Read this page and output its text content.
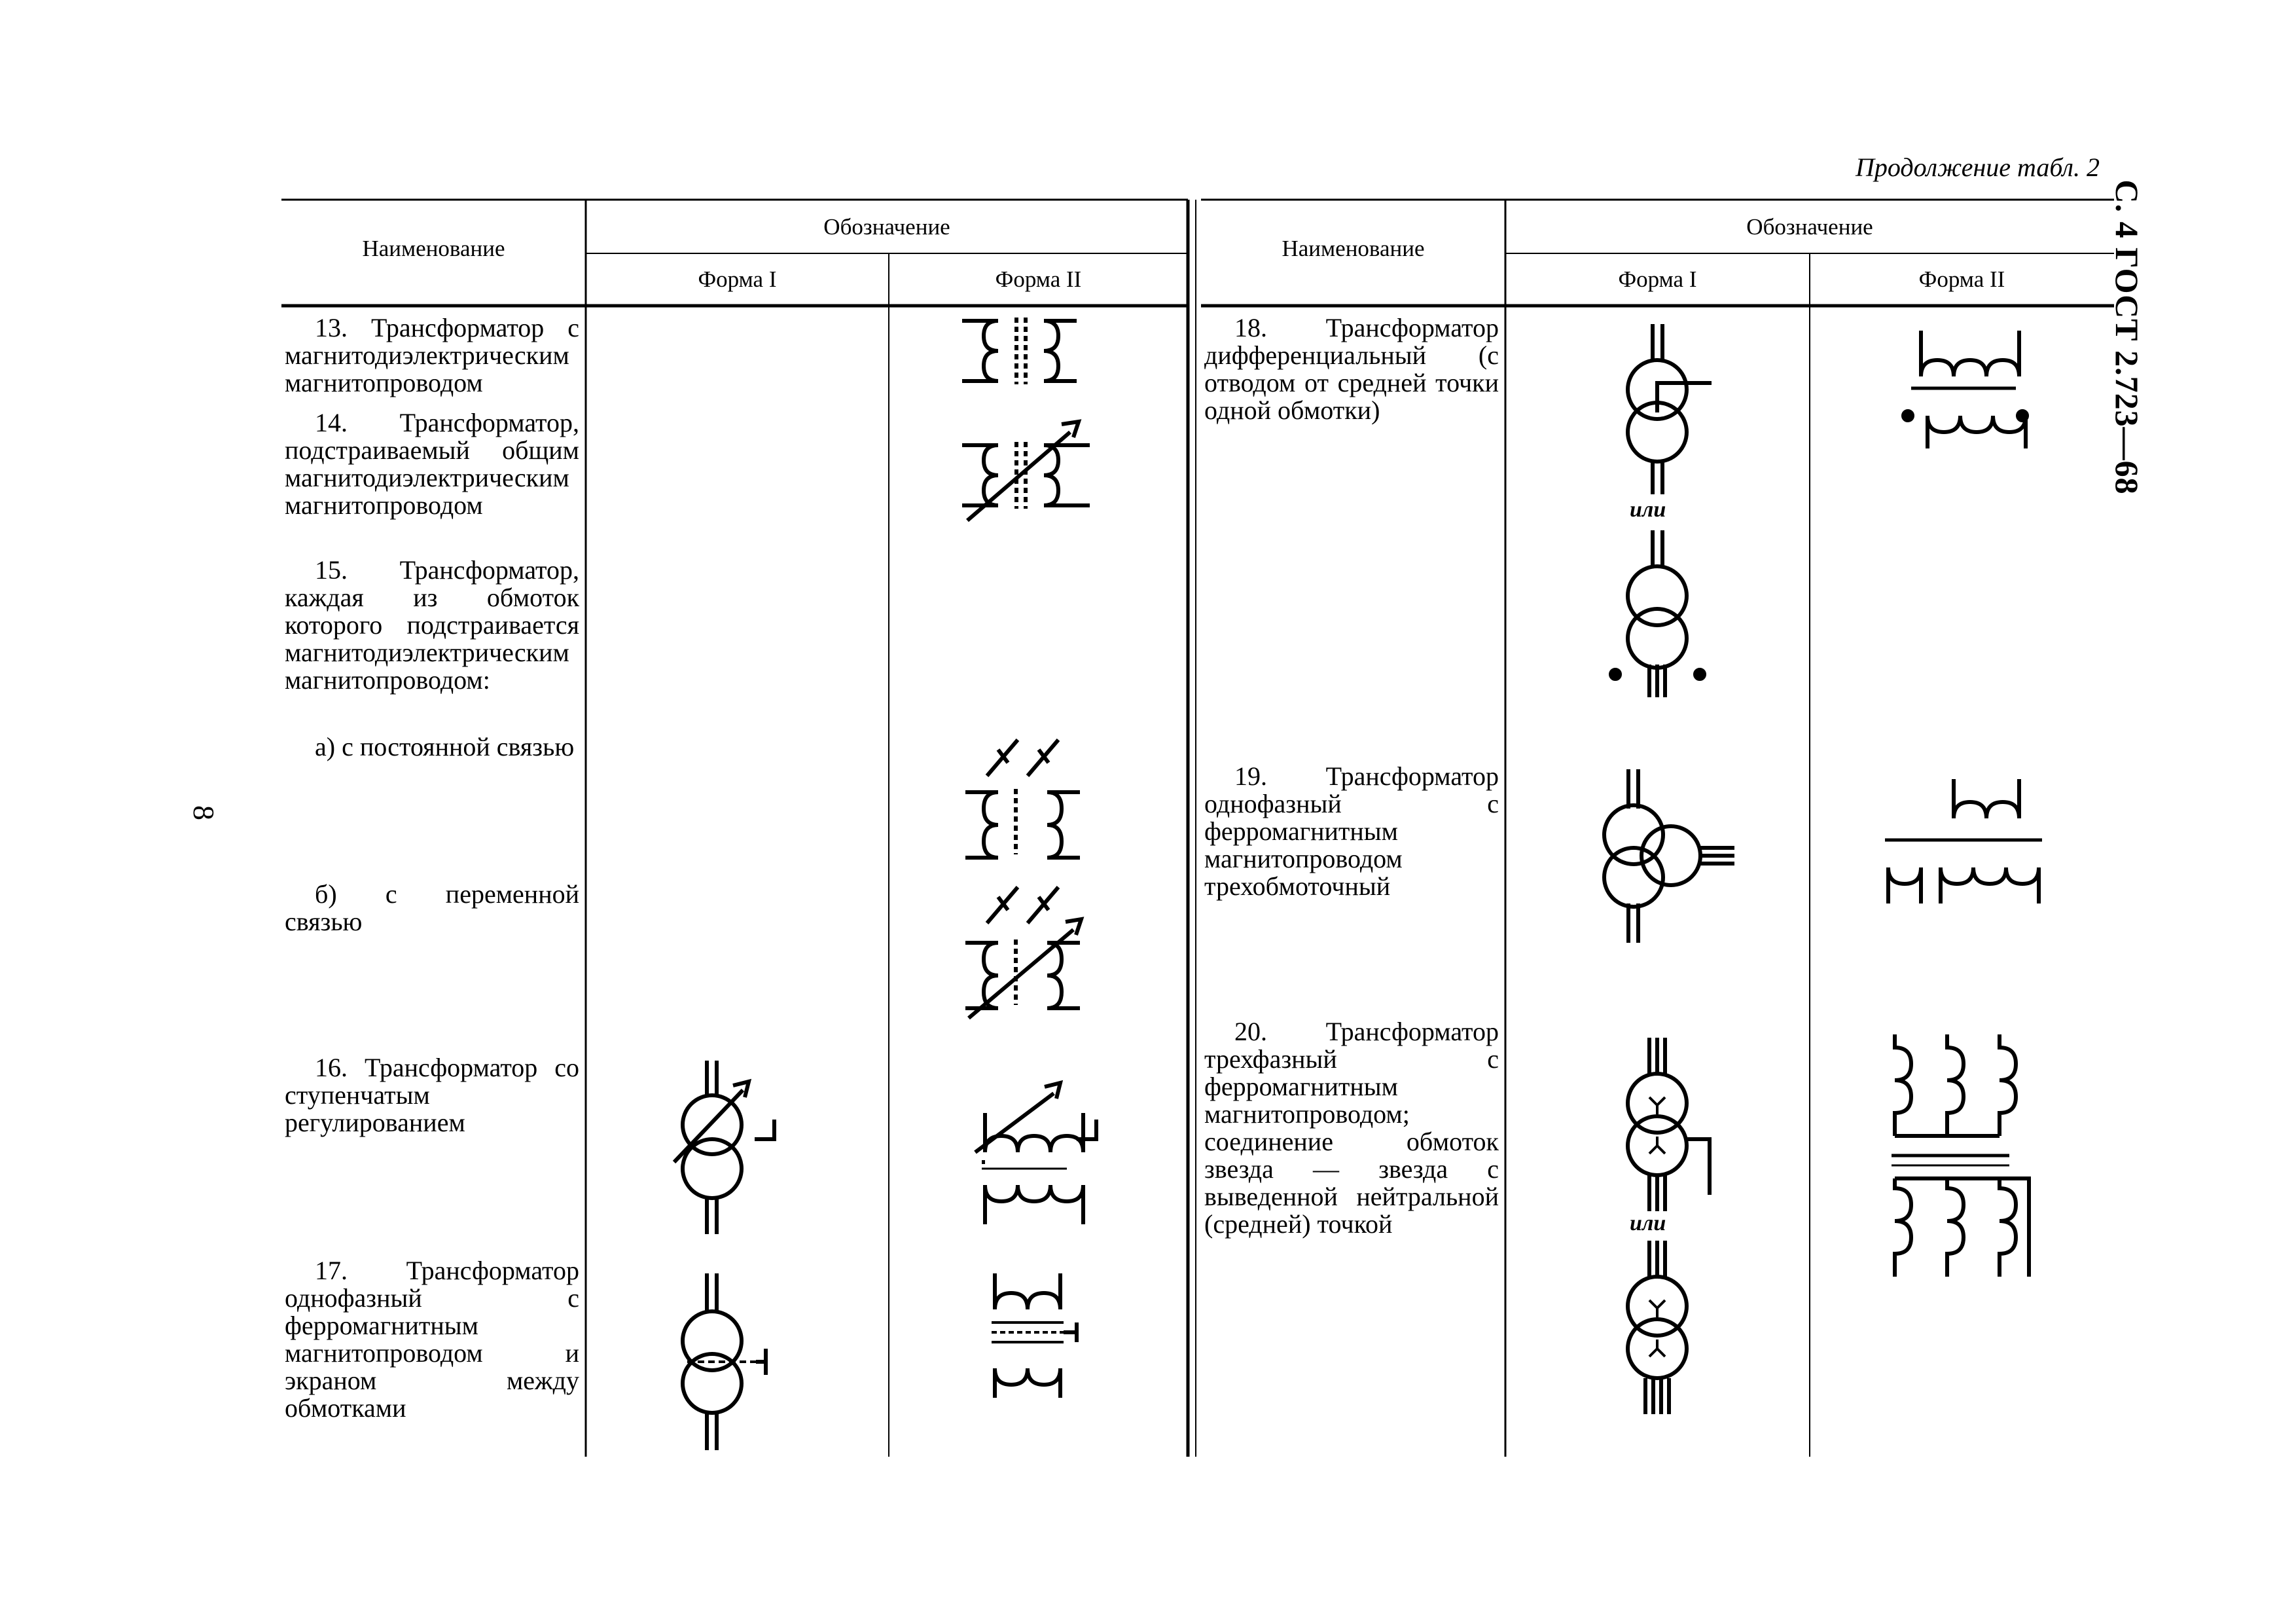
Продолжение табл. 2
С. 4 ГОСТ 2.723—68
8
Наименование
Обозначение
Форма I	Форма II
Наименование
Обозначение
Форма I	Форма II

13. Трансформатор с магнитодиэлектрическим магнитопроводом

14. Трансформатор, подстраиваемый общим магнитодиэлектрическим магнитопроводом

15. Трансформатор, каждая из обмоток которого подстраивается магнитодиэлектрическим магнитопроводом:

а) с постоянной связью

б) с переменной связью

16. Трансформатор со ступенчатым регулированием

17. Трансформатор однофазный с ферромагнитным магнитопроводом и экраном между обмотками

18. Трансформатор дифференциальный (с отводом от средней точки одной обмотки)

19. Трансформатор однофазный с ферромагнитным магнитопроводом трехобмоточный

20. Трансформатор трехфазный с ферромагнитным магнитопроводом; соединение обмоток звезда — звезда с выведенной нейтральной (средней) точкой

или
или
